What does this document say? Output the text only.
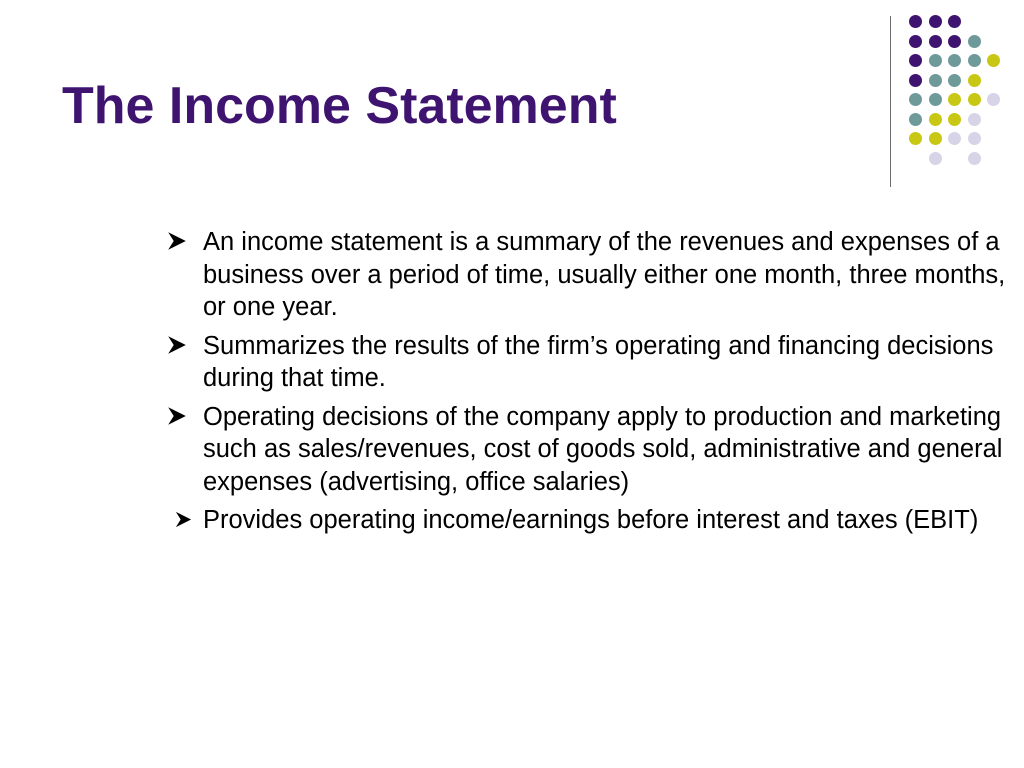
The Income Statement
An income statement is a summary of the revenues and expenses of a business over a period of time, usually either one month, three months, or one year.
Summarizes the results of the firm’s operating and financing decisions during that time.
Operating decisions of the company apply to production and marketing such as sales/revenues, cost of goods sold, administrative and general expenses (advertising, office salaries)
Provides operating income/earnings before interest and taxes (EBIT)
